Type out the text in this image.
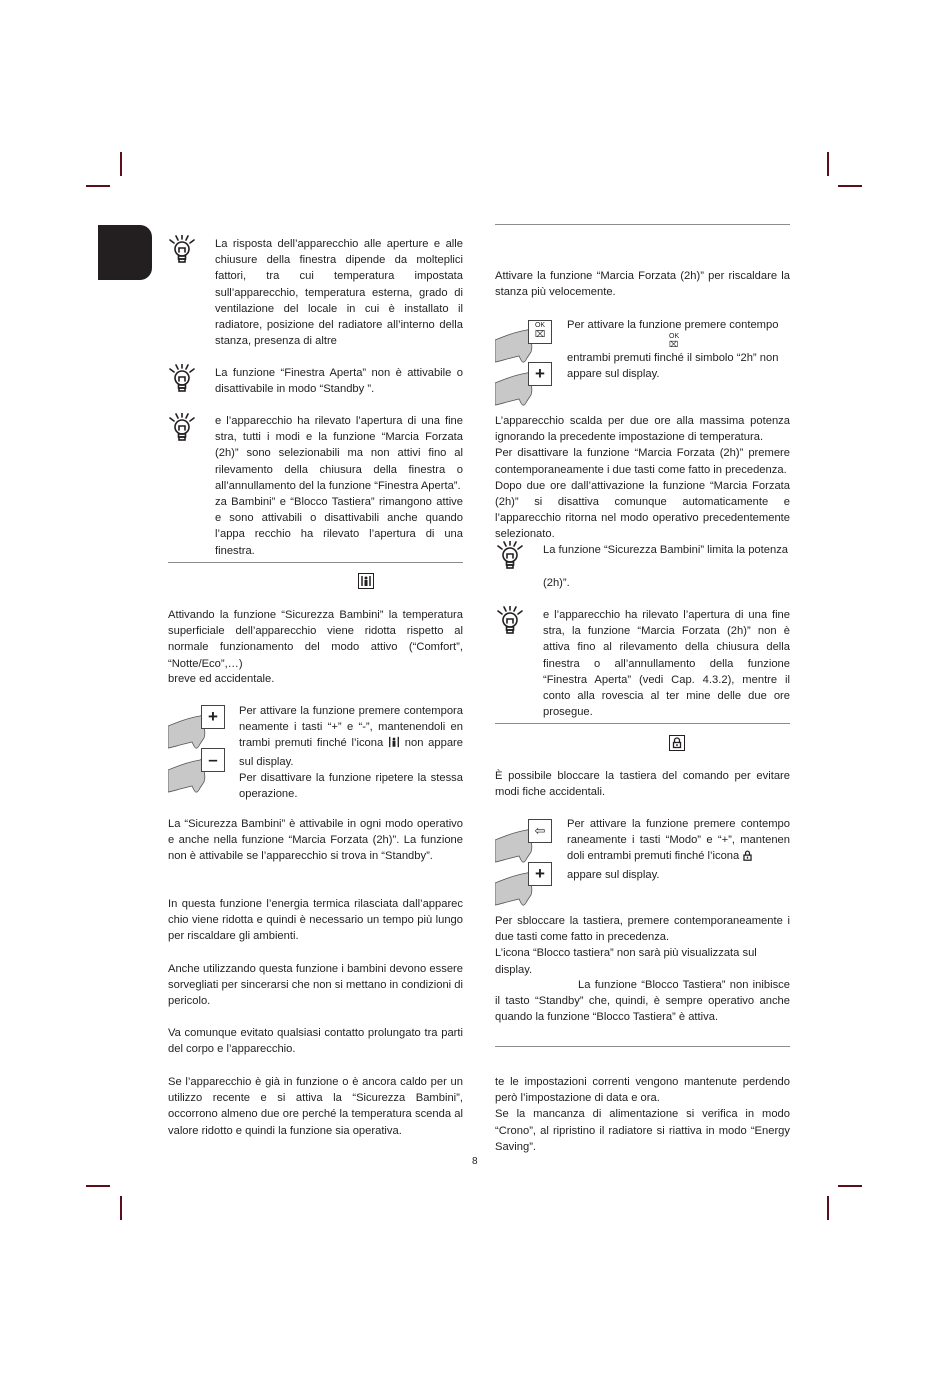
La risposta dell’apparecchio alle aperture e alle chiusure della finestra dipende da molteplici fattori, tra cui temperatura impostata sull’apparecchio, temperatura esterna, grado di ventilazione del locale in cui è installato il radiatore, posizione del radiatore all’interno della stanza, presenza di altre
La funzione “Finestra Aperta” non è attivabile o disattivabile in modo “Standby ”.
e l’apparecchio ha rilevato l’apertura di una fine stra, tutti i modi e la funzione “Marcia Forzata (2h)” sono selezionabili ma non attivi fino al rilevamento della chiusura della finestra o all’annullamento del la funzione “Finestra Aperta”.
za Bambini” e “Blocco Tastiera” rimangono attive e sono attivabili o disattivabili anche quando l’appa recchio ha rilevato l’apertura di una finestra.
Attivando la funzione “Sicurezza Bambini” la temperatura superficiale dell’apparecchio viene ridotta rispetto al normale funzionamento del modo attivo (“Comfort”, “Notte/Eco”,…)
breve ed accidentale.
+
–
Per attivare la funzione premere contempora neamente i tasti “+” e “-”, mantenendoli en trambi premuti finché l’icona non appare sul display.
Per disattivare la funzione ripetere la stessa operazione.
La “Sicurezza Bambini” è attivabile in ogni modo operativo e anche nella funzione “Marcia Forzata (2h)”. La funzione non è attivabile se l’apparecchio si trova in “Standby”.
In questa funzione l’energia termica rilasciata dall’apparec chio viene ridotta e quindi è necessario un tempo più lungo per riscaldare gli ambienti.
Anche utilizzando questa funzione i bambini devono essere sorvegliati per sincerarsi che non si mettano in condizioni di pericolo.
Va comunque evitato qualsiasi contatto prolungato tra parti del corpo e l’apparecchio.
Se l’apparecchio è già in funzione o è ancora caldo per un utilizzo recente e si attiva la “Sicurezza Bambini”, occorrono almeno due ore perché la temperatura scenda al valore ridotto e quindi la funzione sia operativa.
Attivare la funzione “Marcia Forzata (2h)” per riscaldare la stanza più velocemente.
OK
⌧
+
Per attivare la funzione premere contempo
OK
⌧
entrambi premuti finché il simbolo “2h” non appare sul display.
L’apparecchio scalda per due ore alla massima potenza ignorando la precedente impostazione di temperatura.
Per disattivare la funzione “Marcia Forzata (2h)” premere contemporaneamente i due tasti come fatto in precedenza.
Dopo due ore dall’attivazione la funzione “Marcia Forzata (2h)” si disattiva comunque automaticamente e l’apparecchio ritorna nel modo operativo precedentemente selezionato.
La funzione “Sicurezza Bambini” limita la potenza
(2h)”.
e l’apparecchio ha rilevato l’apertura di una fine stra, la funzione “Marcia Forzata (2h)” non è attiva fino al rilevamento della chiusura della finestra o all’annullamento della funzione “Finestra Aperta” (vedi Cap. 4.3.2), mentre il conto alla rovescia al ter mine delle due ore prosegue.
È possibile bloccare la tastiera del comando per evitare modi fiche accidentali.
⇦
+
Per attivare la funzione premere contempo raneamente i tasti “Modo” e “+”, mantenen doli entrambi premuti finché l’icona
appare sul display.
Per sbloccare la tastiera, premere contemporaneamente i due tasti come fatto in precedenza.
L’icona “Blocco tastiera” non sarà più visualizzata sul display.
La funzione “Blocco Tastiera” non inibisce il tasto “Standby” che, quindi, è sempre operativo anche quando la funzione “Blocco Tastiera” è attiva.
te le impostazioni correnti vengono mantenute perdendo però l’impostazione di data e ora.
Se la mancanza di alimentazione si verifica in modo “Crono”, al ripristino il radiatore si riattiva in modo “Energy Saving”.
8
